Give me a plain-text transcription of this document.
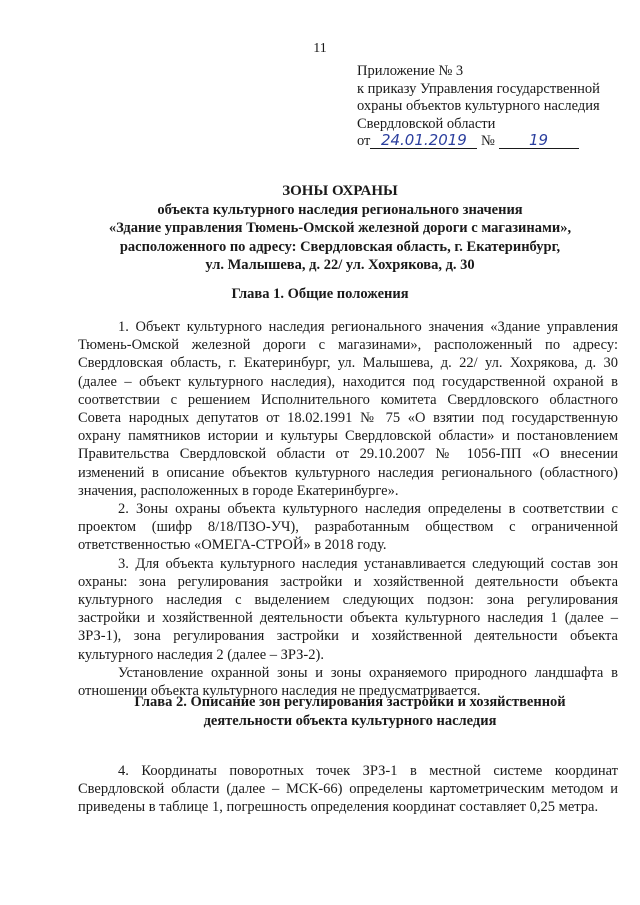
11
Приложение № 3
к приказу Управления государственной
охраны объектов культурного наследия
Свердловской области
от 24.01.2019 № 19
ЗОНЫ ОХРАНЫ
объекта культурного наследия регионального значения
«Здание управления Тюмень-Омской железной дороги с магазинами»,
расположенного по адресу: Свердловская область, г. Екатеринбург,
ул. Малышева, д. 22/ ул. Хохрякова, д. 30
Глава 1. Общие положения

1. Объект культурного наследия регионального значения «Здание управления Тюмень-Омской железной дороги с магазинами», расположенный по адресу: Свердловская область, г. Екатеринбург, ул. Малышева, д. 22/ ул. Хохрякова, д. 30 (далее – объект культурного наследия), находится под государственной охраной в соответствии с решением Исполнительного комитета Свердловского областного Совета народных депутатов от 18.02.1991 № 75 «О взятии под государственную охрану памятников истории и культуры Свердловской области» и постановлением Правительства Свердловской области от 29.10.2007 № 1056-ПП «О внесении изменений в описание объектов культурного наследия регионального (областного) значения, расположенных в городе Екатеринбурге».

2. Зоны охраны объекта культурного наследия определены в соответствии с проектом (шифр 8/18/ПЗО-УЧ), разработанным обществом с ограниченной ответственностью «ОМЕГА-СТРОЙ» в 2018 году.

3. Для объекта культурного наследия устанавливается следующий состав зон охраны: зона регулирования застройки и хозяйственной деятельности объекта культурного наследия с выделением следующих подзон: зона регулирования застройки и хозяйственной деятельности объекта культурного наследия 1 (далее – ЗРЗ-1), зона регулирования застройки и хозяйственной деятельности объекта культурного наследия 2 (далее – ЗРЗ-2).

Установление охранной зоны и зоны охраняемого природного ландшафта в отношении объекта культурного наследия не предусматривается.

Глава 2. Описание зон регулирования застройки и хозяйственной
деятельности объекта культурного наследия

4. Координаты поворотных точек ЗРЗ-1 в местной системе координат Свердловской области (далее – МСК-66) определены картометрическим методом и приведены в таблице 1, погрешность определения координат составляет 0,25 метра.
